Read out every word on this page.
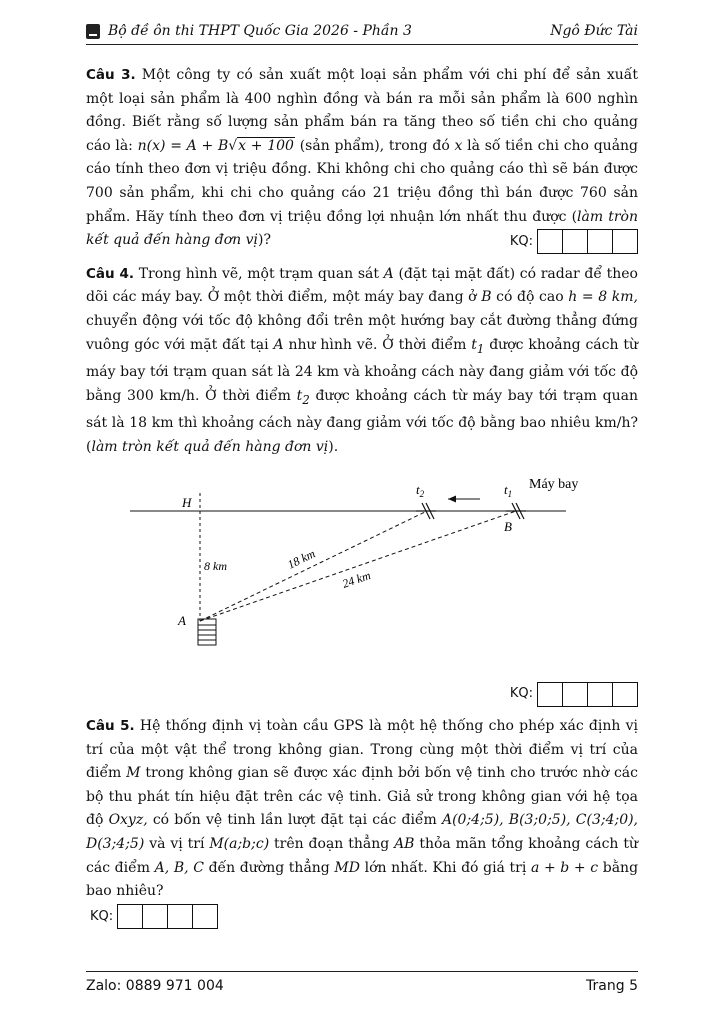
Bộ đề ôn thi THPT Quốc Gia 2026 - Phần 3	Ngô Đức Tài
Câu 3. Một công ty có sản xuất một loại sản phẩm với chi phí để sản xuất một loại sản phẩm là 400 nghìn đồng và bán ra mỗi sản phẩm là 600 nghìn đồng. Biết rằng số lượng sản phẩm bán ra tăng theo số tiền chi cho quảng cáo là: n(x) = A + B√x + 100 (sản phẩm), trong đó x là số tiền chi cho quảng cáo tính theo đơn vị triệu đồng. Khi không chi cho quảng cáo thì sẽ bán được 700 sản phẩm, khi chi cho quảng cáo 21 triệu đồng thì bán được 760 sản phẩm. Hãy tính theo đơn vị triệu đồng lợi nhuận lớn nhất thu được (làm tròn kết quả đến hàng đơn vị)?	KQ:
Câu 4. Trong hình vẽ, một trạm quan sát A (đặt tại mặt đất) có radar để theo dõi các máy bay. Ở một thời điểm, một máy bay đang ở B có độ cao h = 8 km, chuyển động với tốc độ không đổi trên một hướng bay cắt đường thẳng đứng vuông góc với mặt đất tại A như hình vẽ. Ở thời điểm $t_1$ được khoảng cách từ máy bay tới trạm quan sát là 24 km và khoảng cách này đang giảm với tốc độ bằng 300 km/h. Ở thời điểm $t_2$ được khoảng cách từ máy bay tới trạm quan sát là 18 km thì khoảng cách này đang giảm với tốc độ bằng bao nhiêu km/h? (làm tròn kết quả đến hàng đơn vị).
Máy bay
$t_1$
$t_2$
H
B
A
8 km	18 km
24 km
KQ:
Câu 5. Hệ thống định vị toàn cầu GPS là một hệ thống cho phép xác định vị trí của một vật thể trong không gian. Trong cùng một thời điểm vị trí của điểm M trong không gian sẽ được xác định bởi bốn vệ tinh cho trước nhờ các bộ thu phát tín hiệu đặt trên các vệ tinh. Giả sử trong không gian với hệ tọa độ Oxyz, có bốn vệ tinh lần lượt đặt tại các điểm A(0;4;5), B(3;0;5), C(3;4;0), D(3;4;5) và vị trí M(a;b;c) trên đoạn thẳng AB thỏa mãn tổng khoảng cách từ các điểm A, B, C đến đường thẳng MD lớn nhất. Khi đó giá trị a + b + c bằng bao nhiêu?
KQ:
Zalo: 0889 971 004	Trang 5
